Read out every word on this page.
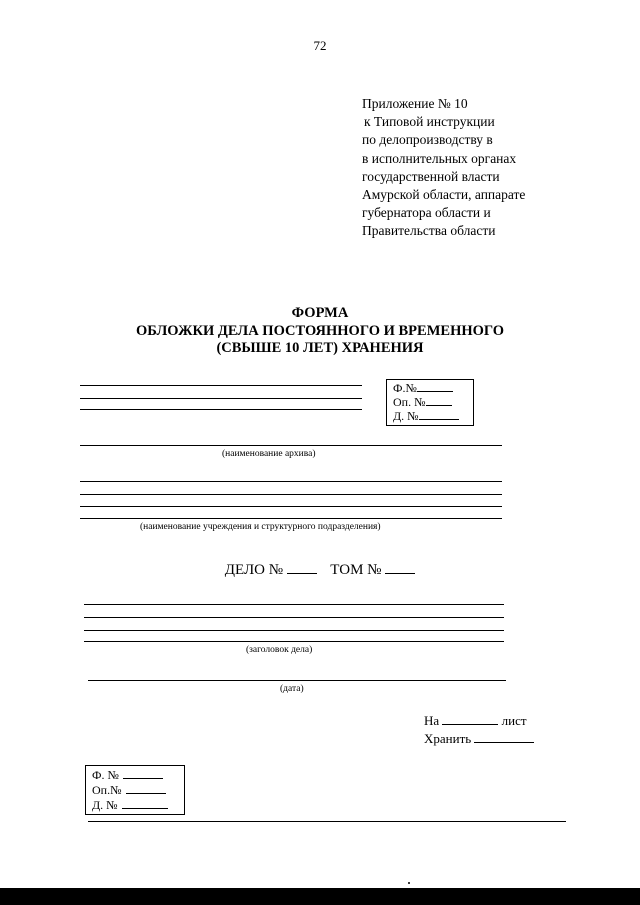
72
Приложение № 10
к Типовой инструкции
по делопроизводству в
в исполнительных органах
государственной власти
Амурской области, аппарате
губернатора области и
Правительства области
ФОРМА
ОБЛОЖКИ ДЕЛА ПОСТОЯННОГО И ВРЕМЕННОГО
(СВЫШЕ 10 ЛЕТ) ХРАНЕНИЯ
Ф.№
Оп. №
Д. №
(наименование архива)
(наименование учреждения и структурного подразделения)
ДЕЛО №	ТОМ №
(заголовок дела)
(дата)
На	лист
Хранить
Ф. №
Оп.№
Д. №
